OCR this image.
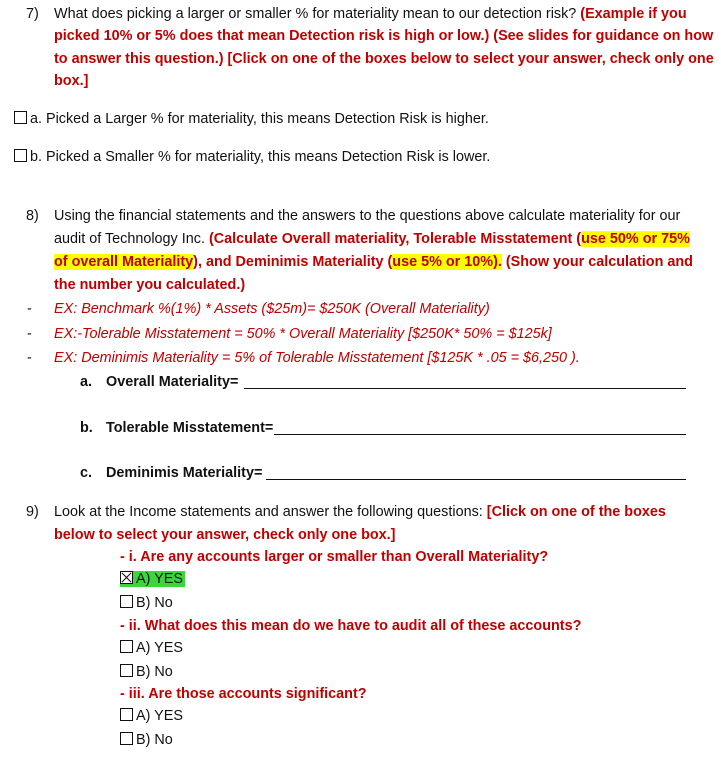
7) What does picking a larger or smaller % for materiality mean to our detection risk? (Example if you
picked 10% or 5% does that mean Detection risk is high or low.) (See slides for guidance on how
to answer this question.) [Click on one of the boxes below to select your answer, check only one
box.]
a. Picked a Larger % for materiality, this means Detection Risk is higher.
b. Picked a Smaller % for materiality, this means Detection Risk is lower.
8) Using the financial statements and the answers to the questions above calculate materiality for our
audit of Technology Inc. (Calculate Overall materiality, Tolerable Misstatement (use 50% or 75%
of overall Materiality), and Deminimis Materiality (use 5% or 10%). (Show your calculation and
the number you calculated.)
- EX: Benchmark %(1%) * Assets ($25m)= $250K (Overall Materiality)
- EX:-Tolerable Misstatement = 50% * Overall Materiality [$250K* 50% = $125k]
- EX: Deminimis Materiality = 5% of Tolerable Misstatement [$125K * .05 = $6,250 ).
a. Overall Materiality=
b. Tolerable Misstatement=
c. Deminimis Materiality=
9) Look at the Income statements and answer the following questions: [Click on one of the boxes
below to select your answer, check only one box.]
- i. Are any accounts larger or smaller than Overall Materiality?
A) YES
B) No
- ii. What does this mean do we have to audit all of these accounts?
A) YES
B) No
- iii. Are those accounts significant?
A) YES
B) No
